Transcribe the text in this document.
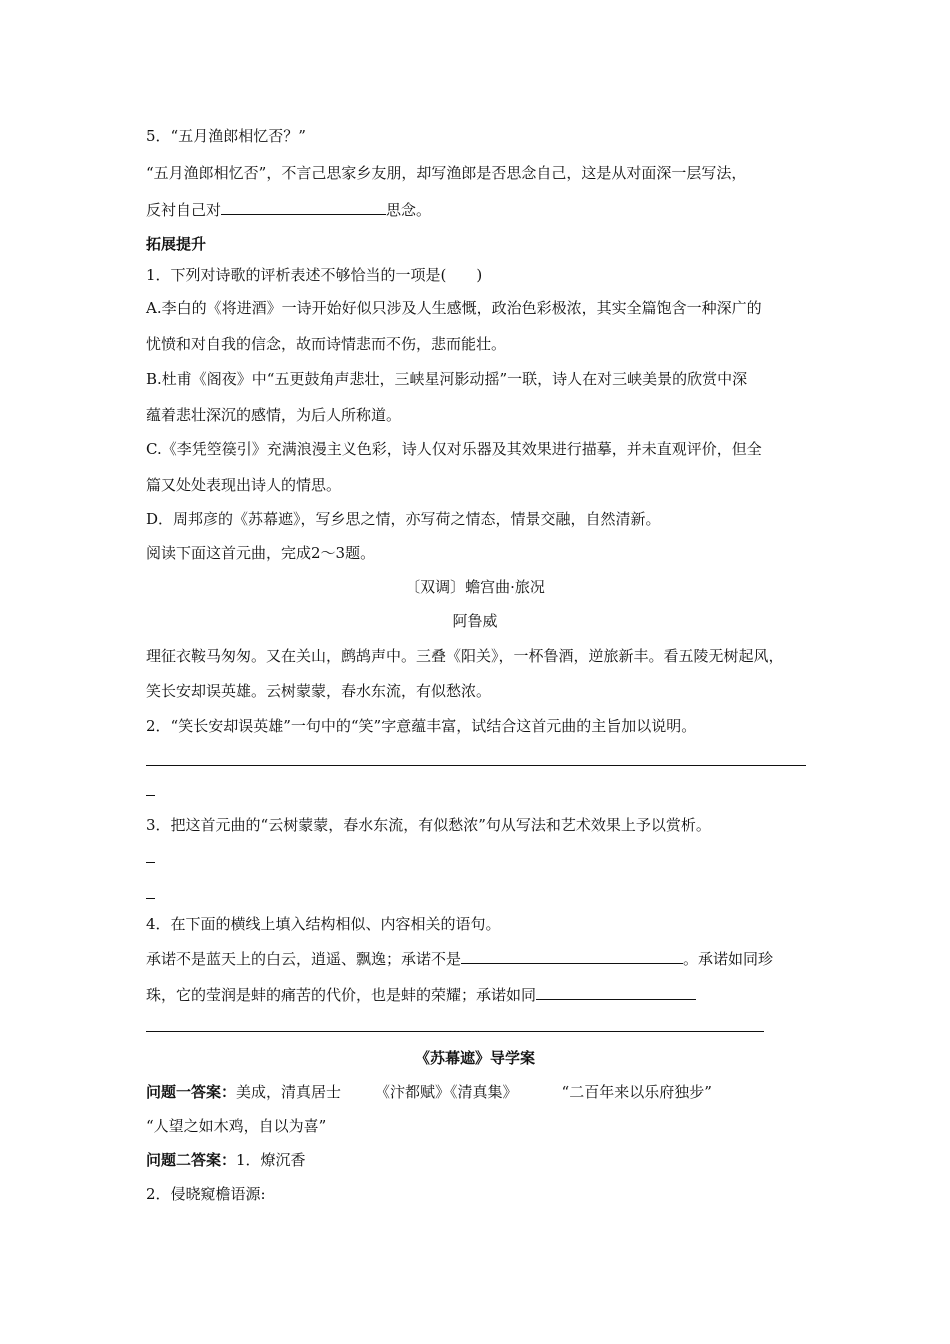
5．“五月渔郎相忆否？”
“五月渔郎相忆否”，不言己思家乡友朋，却写渔郎是否思念自己，这是从对面深一层写法，
反衬自己对	思念。
拓展提升
1．下列对诗歌的评析表述不够恰当的一项是(　　)
A.李白的《将进酒》一诗开始好似只涉及人生感慨，政治色彩极浓，其实全篇饱含一种深广的
忧愤和对自我的信念，故而诗情悲而不伤，悲而能壮。
B.杜甫《阁夜》中“五更鼓角声悲壮，三峡星河影动摇”一联，诗人在对三峡美景的欣赏中深
蕴着悲壮深沉的感情，为后人所称道。
C.《李凭箜篌引》充满浪漫主义色彩，诗人仅对乐器及其效果进行描摹，并未直观评价，但全
篇又处处表现出诗人的情思。
D．周邦彦的《苏幕遮》，写乡思之情，亦写荷之情态，情景交融，自然清新。
阅读下面这首元曲，完成2～3题。
〔双调〕蟾宫曲·旅况
阿鲁威
理征衣鞍马匆匆。又在关山，鹧鸪声中。三叠《阳关》，一杯鲁酒，逆旅新丰。看五陵无树起风，
笑长安却误英雄。云树蒙蒙，春水东流，有似愁浓。
2．“笑长安却误英雄”一句中的“笑”字意蕴丰富，试结合这首元曲的主旨加以说明。
3．把这首元曲的“云树蒙蒙，春水东流，有似愁浓”句从写法和艺术效果上予以赏析。
4．在下面的横线上填入结构相似、内容相关的语句。
承诺不是蓝天上的白云，逍遥、飘逸；承诺不是	。承诺如同珍
珠，它的莹润是蚌的痛苦的代价，也是蚌的荣耀；承诺如同
《苏幕遮》导学案
问题一答案：美成，清真居士 《汴都赋》《清真集》	“二百年来以乐府独步”
“人望之如木鸡，自以为喜”
问题二答案：1．燎沉香
2．侵晓窥檐语源:
